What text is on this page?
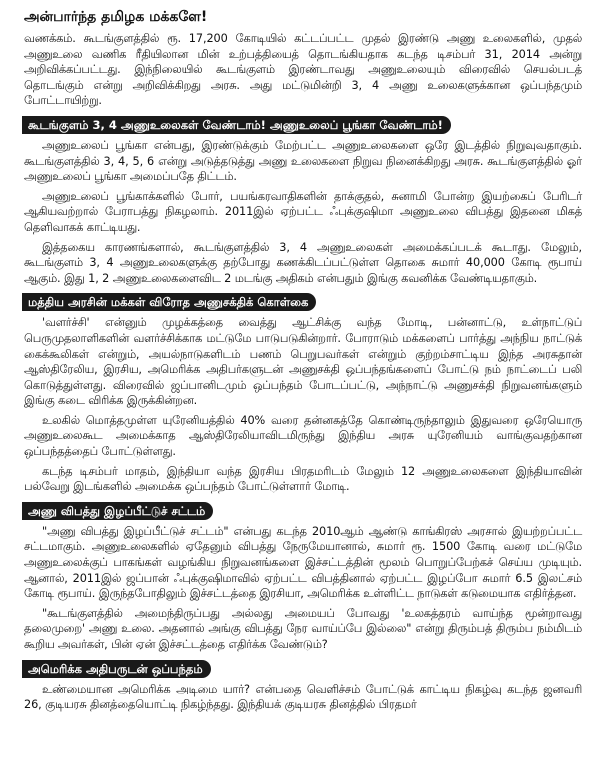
அன்பார்ந்த தமிழக மக்களே!

வணக்கம். கூடங்குளத்தில் ரூ. 17,200 கோடியில் கட்டப்பட்ட முதல் இரண்டு அணு உலைகளில், முதல் அணுஉலை வணிக ரீதியிலான மின் உற்பத்தியைத் தொடங்கியதாக கடந்த டிசம்பர் 31, 2014 அன்று அறிவிக்கப்பட்டது. இந்நிலையில் கூடங்குளம் இரண்டாவது அணுஉலையும் விரைவில் செயல்படத் தொடங்கும் என்று அறிவிக்கிறது அரசு. அது மட்டுமின்றி 3, 4 அணு உலைகளுக்கான ஒப்பந்தமும் போட்டாயிற்று.

கூடங்குளம் 3, 4 அணுஉலைகள் வேண்டாம்! அணுஉலைப் பூங்கா வேண்டாம்!

அணுஉலைப் பூங்கா என்பது, இரண்டுக்கும் மேற்பட்ட அணுஉலைகளை ஒரே இடத்தில் நிறுவுவதாகும். கூடங்குளத்தில் 3, 4, 5, 6 என்று அடுத்தடுத்து அணு உலைகளை நிறுவ நினைக்கிறது அரசு. கூடங்குளத்தில் ஓர் அணுஉலைப் பூங்கா அமைப்பதே திட்டம்.

அணுஉலைப் பூங்காக்களில் போர், பயங்கரவாதிகளின் தாக்குதல், சுனாமி போன்ற இயற்கைப் பேரிடர் ஆகியவற்றால் பேராபத்து நிகழலாம். 2011இல் ஏற்பட்ட ஃபுக்குஷிமா அணுஉலை விபத்து இதனை மிகத் தெளிவாகக் காட்டியது.

இத்தகைய காரணங்களால், கூடங்குளத்தில் 3, 4 அணுஉலைகள் அமைக்கப்படக் கூடாது. மேலும், கூடங்குளம் 3, 4 அணுஉலைகளுக்கு தற்போது கணக்கிடப்பட்டுள்ள தொகை சுமார் 40,000 கோடி ரூபாய் ஆகும். இது 1, 2 அணுஉலைகளைவிட 2 மடங்கு அதிகம் என்பதும் இங்கு கவனிக்க வேண்டியதாகும்.

மத்திய அரசின் மக்கள் விரோத அணுசக்திக் கொள்கை

'வளர்ச்சி' என்னும் முழக்கத்தை வைத்து ஆட்சிக்கு வந்த மோடி, பன்னாட்டு, உள்நாட்டுப் பெருமுதலாளிகளின் வளர்ச்சிக்காக மட்டுமே பாடுபடுகின்றார். போராடும் மக்களைப் பார்த்து அந்நிய நாட்டுக் கைக்கூலிகள் என்றும், அயல்நாடுகளிடம் பணம் பெறுபவர்கள் என்றும் குற்றம்சாட்டிய இந்த அரசுதான் ஆஸ்திரேலிய, இரசிய, அமெரிக்க அதிபர்களுடன் அணுசக்தி ஒப்பந்தங்களைப் போட்டு நம் நாட்டைப் பலி கொடுத்துள்ளது. விரைவில் ஜப்பானிடமும் ஒப்பந்தம் போடப்பட்டு, அந்நாட்டு அணுசக்தி நிறுவனங்களும் இங்கு கடை விரிக்க இருக்கின்றன.

உலகில் மொத்தமுள்ள யுரேனியத்தில் 40% வரை தன்னகத்தே கொண்டிருந்தாலும் இதுவரை ஒரேயொரு அணுஉலைகூட அமைக்காத ஆஸ்திரேலியாவிடமிருந்து இந்திய அரசு யுரேனியம் வாங்குவதற்கான ஒப்பந்தத்தைப் போட்டுள்ளது.

கடந்த டிசம்பர் மாதம், இந்தியா வந்த இரசிய பிரதமரிடம் மேலும் 12 அணுஉலைகளை இந்தியாவின் பல்வேறு இடங்களில் அமைக்க ஒப்பந்தம் போட்டுள்ளார் மோடி.

அணு விபத்து இழப்பீட்டுச் சட்டம்

"அணு விபத்து இழப்பீட்டுச் சட்டம்" என்பது கடந்த 2010ஆம் ஆண்டு காங்கிரஸ் அரசால் இயற்றப்பட்ட சட்டமாகும். அணுஉலைகளில் ஏதேனும் விபத்து நேருமேயானால், சுமார் ரூ. 1500 கோடி வரை மட்டுமே அணுஉலைக்குப் பாகங்கள் வழங்கிய நிறுவனங்களை இச்சட்டத்தின் மூலம் பொறுப்பேற்கச் செய்ய முடியும். ஆனால், 2011இல் ஜப்பான் ஃபுக்குஷிமாவில் ஏற்பட்ட விபத்தினால் ஏற்பட்ட இழப்போ சுமார் 6.5 இலட்சம் கோடி ரூபாய். இருந்தபோதிலும் இச்சட்டத்தை இரசியா, அமெரிக்க உள்ளிட்ட நாடுகள் கடுமையாக எதிர்த்தன.

"கூடங்குளத்தில் அமைந்திருப்பது அல்லது அமையப் போவது 'உலகத்தரம் வாய்ந்த மூன்றாவது தலைமுறை' அணு உலை. அதனால் அங்கு விபத்து நேர வாய்ப்பே இல்லை" என்று திரும்பத் திரும்ப நம்மிடம் கூறிய அவர்கள், பின் ஏன் இச்சட்டத்தை எதிர்க்க வேண்டும்?

அமெரிக்க அதிபருடன் ஒப்பந்தம்

உண்மையான அமெரிக்க அடிமை யார்? என்பதை வெளிச்சம் போட்டுக் காட்டிய நிகழ்வு கடந்த ஜனவரி 26, குடியரசு தினத்தையொட்டி நிகழ்ந்தது. இந்தியக் குடியரசு தினத்தில் பிரதமர்
